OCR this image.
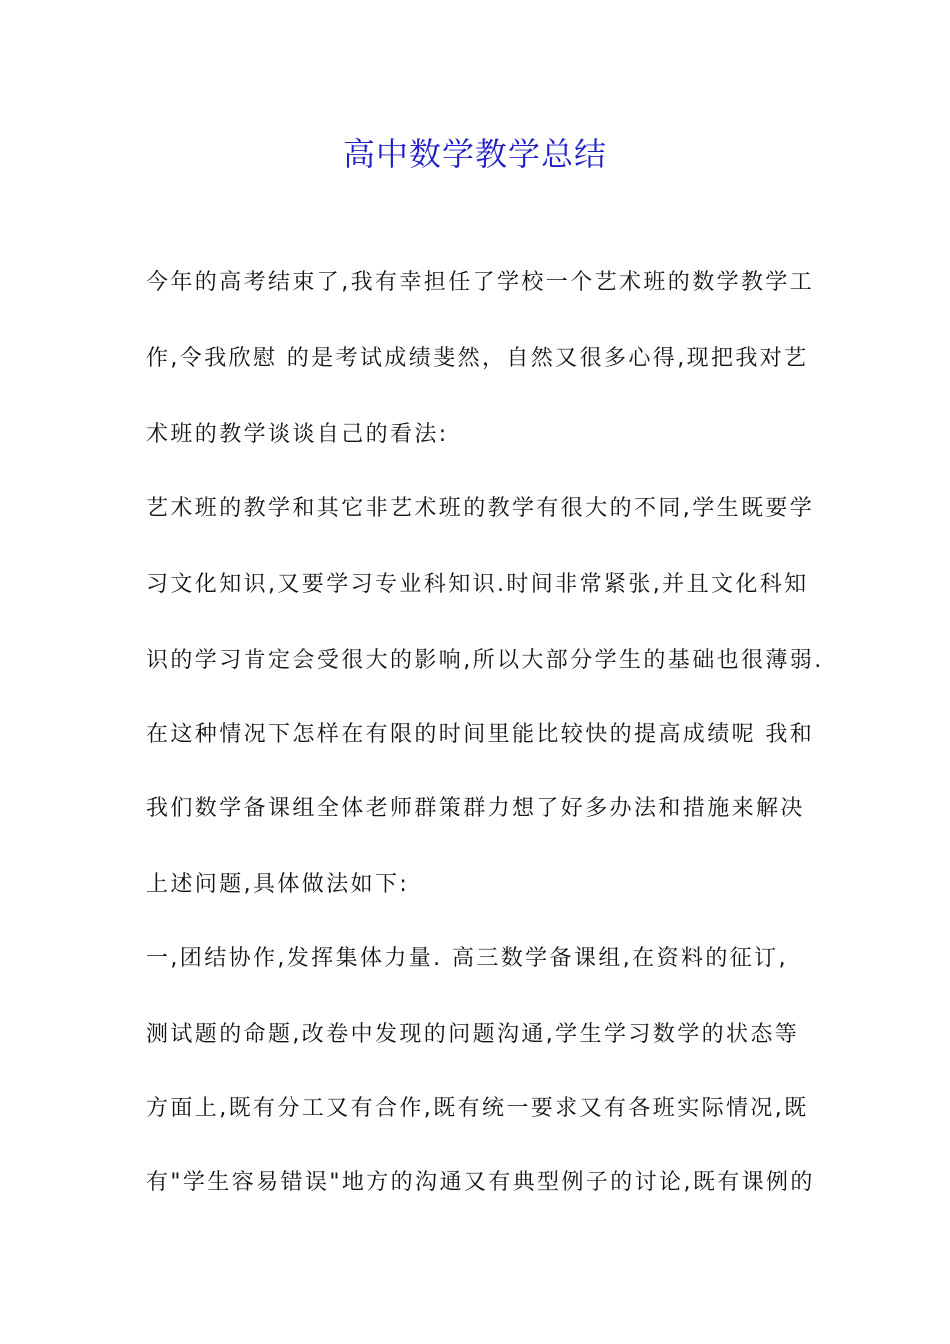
高中数学教学总结
今年的高考结束了,我有幸担任了学校一个艺术班的数学教学工
作,令我欣慰 的是考试成绩斐然，自然又很多心得,现把我对艺
术班的教学谈谈自己的看法:
艺术班的教学和其它非艺术班的教学有很大的不同,学生既要学
习文化知识,又要学习专业科知识.时间非常紧张,并且文化科知
识的学习肯定会受很大的影响,所以大部分学生的基础也很薄弱.
在这种情况下怎样在有限的时间里能比较快的提高成绩呢 我和
我们数学备课组全体老师群策群力想了好多办法和措施来解决
上述问题,具体做法如下:
一,团结协作,发挥集体力量. 高三数学备课组,在资料的征订,
测试题的命题,改卷中发现的问题沟通,学生学习数学的状态等
方面上,既有分工又有合作,既有统一要求又有各班实际情况,既
有"学生容易错误"地方的沟通又有典型例子的讨论,既有课例的
